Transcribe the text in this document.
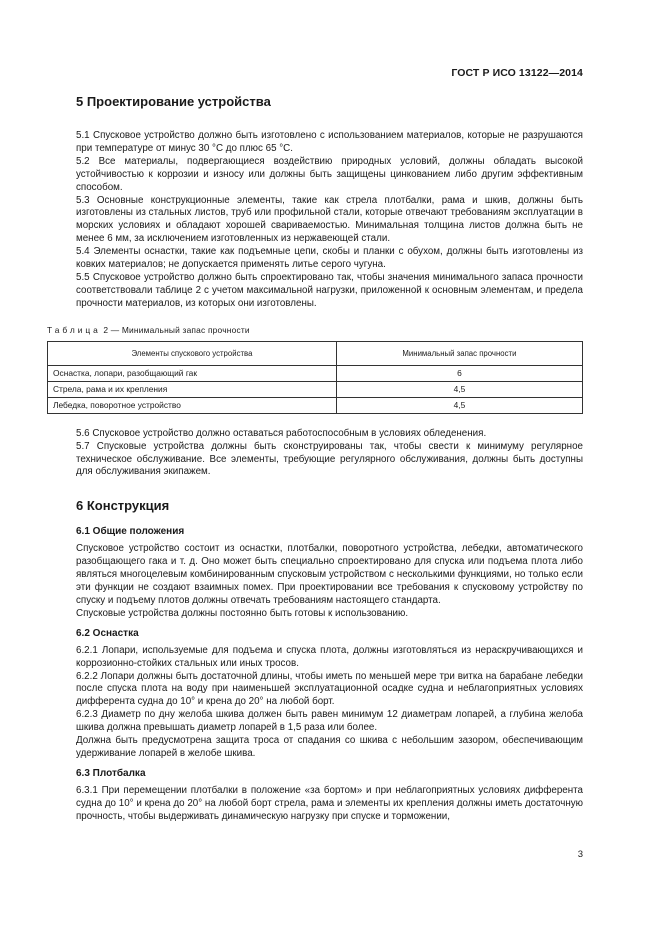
ГОСТ Р ИСО 13122—2014
5 Проектирование устройства

5.1 Спусковое устройство должно быть изготовлено с использованием материалов, которые не разрушаются при температуре от минус 30 °С до плюс 65 °С.

5.2 Все материалы, подвергающиеся воздействию природных условий, должны обладать высокой устойчивостью к коррозии и износу или должны быть защищены цинкованием либо другим эффективным способом.

5.3 Основные конструкционные элементы, такие как стрела плотбалки, рама и шкив, должны быть изготовлены из стальных листов, труб или профильной стали, которые отвечают требованиям эксплуатации в морских условиях и обладают хорошей свариваемостью. Минимальная толщина листов должна быть не менее 6 мм, за исключением изготовленных из нержавеющей стали.

5.4 Элементы оснастки, такие как подъемные цепи, скобы и планки с обухом, должны быть изготовлены из ковких материалов; не допускается применять литье серого чугуна.

5.5 Спусковое устройство должно быть спроектировано так, чтобы значения минимального запаса прочности соответствовали таблице 2 с учетом максимальной нагрузки, приложенной к основным элементам, и предела прочности материалов, из которых они изготовлены.

Таблица 2 — Минимальный запас прочности
Элементы спускового устройства	Минимальный запас прочности
Оснастка, лопари, разобщающий гак	6
Стрела, рама и их крепления	4,5
Лебедка, поворотное устройство	4,5

5.6 Спусковое устройство должно оставаться работоспособным в условиях обледенения.

5.7 Спусковые устройства должны быть сконструированы так, чтобы свести к минимуму регулярное техническое обслуживание. Все элементы, требующие регулярного обслуживания, должны быть доступны для обслуживания экипажем.

6 Конструкция
6.1 Общие положения

Спусковое устройство состоит из оснастки, плотбалки, поворотного устройства, лебедки, автоматического разобщающего гака и т. д. Оно может быть специально спроектировано для спуска или подъема плота либо являться многоцелевым комбинированным спусковым устройством с несколькими функциями, но только если эти функции не создают взаимных помех. При проектировании все требования к спусковому устройству по спуску и подъему плотов должны отвечать требованиям настоящего стандарта.

Спусковые устройства должны постоянно быть готовы к использованию.

6.2 Оснастка

6.2.1 Лопари, используемые для подъема и спуска плота, должны изготовляться из нераскручивающихся и коррозионно-стойких стальных или иных тросов.

6.2.2 Лопари должны быть достаточной длины, чтобы иметь по меньшей мере три витка на барабане лебедки после спуска плота на воду при наименьшей эксплуатационной осадке судна и неблагоприятных условиях дифферента судна до 10° и крена до 20° на любой борт.

6.2.3 Диаметр по дну желоба шкива должен быть равен минимум 12 диаметрам лопарей, а глубина желоба шкива должна превышать диаметр лопарей в 1,5 раза или более.

Должна быть предусмотрена защита троса от спадания со шкива с небольшим зазором, обеспечивающим удерживание лопарей в желобе шкива.

6.3 Плотбалка

6.3.1 При перемещении плотбалки в положение «за бортом» и при неблагоприятных условиях дифферента судна до 10° и крена до 20° на любой борт стрела, рама и элементы их крепления должны иметь достаточную прочность, чтобы выдерживать динамическую нагрузку при спуске и торможении,

3
